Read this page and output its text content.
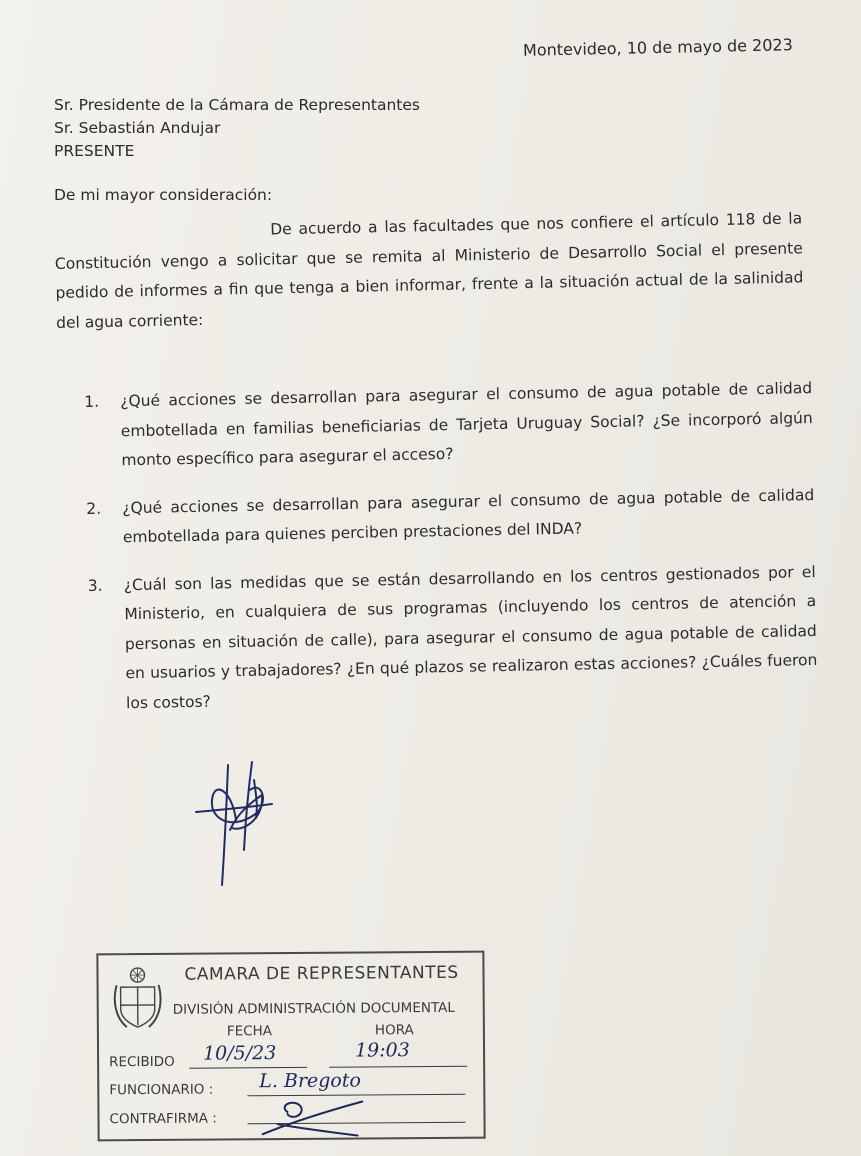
Montevideo, 10 de mayo de 2023
Sr. Presidente de la Cámara de Representantes
Sr. Sebastián Andujar
PRESENTE
De mi mayor consideración:
De acuerdo a las facultades que nos confiere el artículo 118 de la Constitución vengo a solicitar que se remita al Ministerio de Desarrollo Social el presente pedido de informes a fin que tenga a bien informar, frente a la situación actual de la salinidad del agua corriente:
1. ¿Qué acciones se desarrollan para asegurar el consumo de agua potable de calidad embotellada en familias beneficiarias de Tarjeta Uruguay Social? ¿Se incorporó algún monto específico para asegurar el acceso?
2. ¿Qué acciones se desarrollan para asegurar el consumo de agua potable de calidad embotellada para quienes perciben prestaciones del INDA?
3. ¿Cuál son las medidas que se están desarrollando en los centros gestionados por el Ministerio, en cualquiera de sus programas (incluyendo los centros de atención a personas en situación de calle), para asegurar el consumo de agua potable de calidad en usuarios y trabajadores? ¿En qué plazos se realizaron estas acciones? ¿Cuáles fueron los costos?
CAMARA DE REPRESENTANTES
DIVISIÓN ADMINISTRACIÓN DOCUMENTAL
FECHA	HORA
RECIBIDO 10/5/23	19:03
FUNCIONARIO : L. Bregoto
CONTRAFIRMA :
